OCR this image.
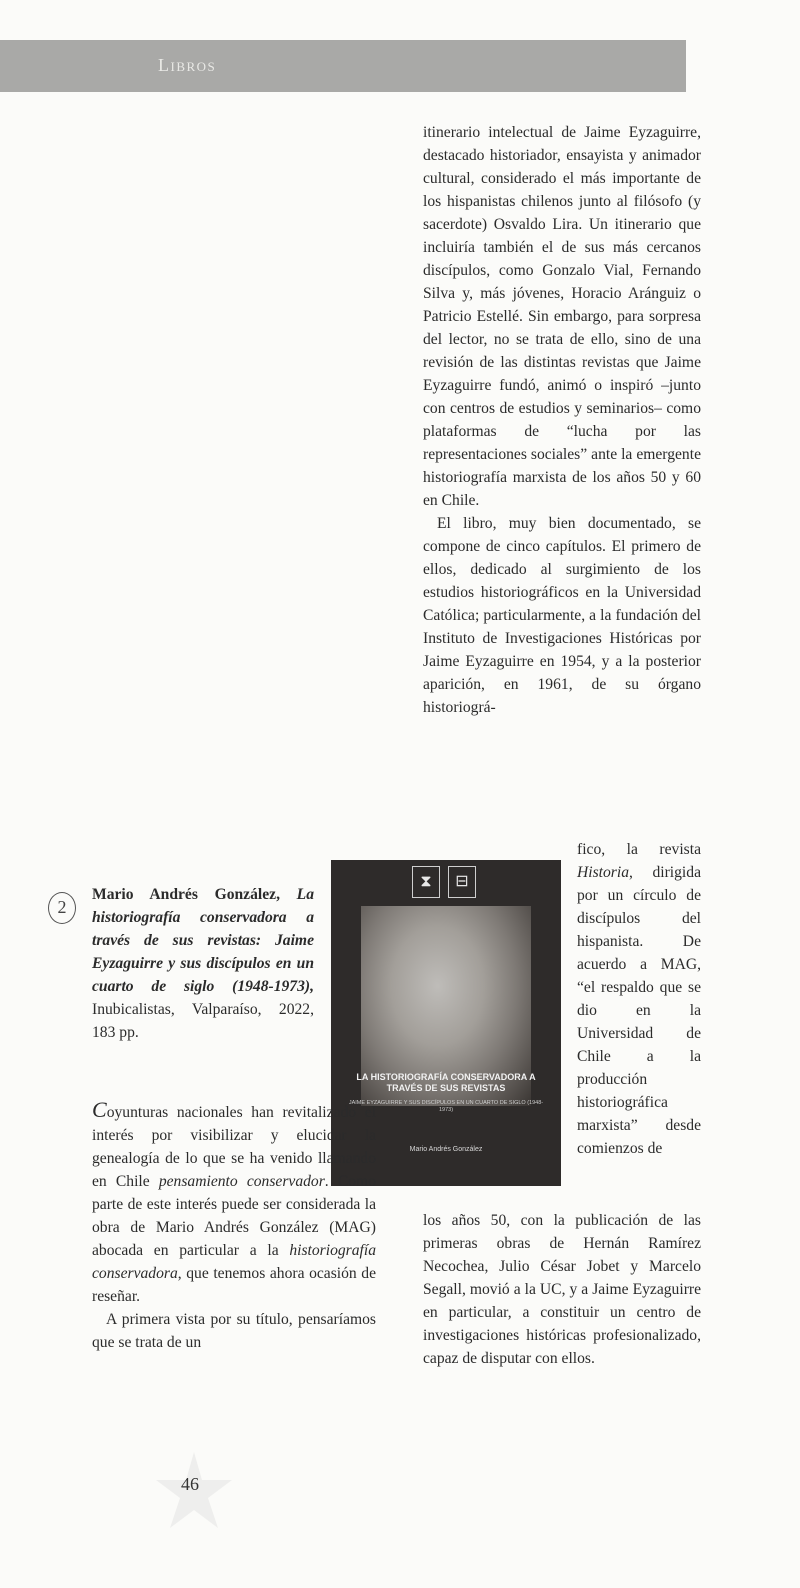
Libros

itinerario intelectual de Jaime Eyzaguirre, destacado historiador, ensayista y animador cultural, considerado el más importante de los hispanistas chilenos junto al filósofo (y sacerdote) Osvaldo Lira. Un itinerario que incluiría también el de sus más cercanos discípulos, como Gonzalo Vial, Fernando Silva y, más jóvenes, Horacio Aránguiz o Patricio Estellé. Sin embargo, para sorpresa del lector, no se trata de ello, sino de una revisión de las distintas revistas que Jaime Eyzaguirre fundó, animó o inspiró –junto con centros de estudios y seminarios– como plataformas de “lucha por las representaciones sociales” ante la emergente historiografía marxista de los años 50 y 60 en Chile.

El libro, muy bien documentado, se compone de cinco capítulos. El primero de ellos, dedicado al surgimiento de los estudios historiográficos en la Universidad Católica; particularmente, a la fundación del Instituto de Investigaciones Históricas por Jaime Eyzaguirre en 1954, y a la posterior aparición, en 1961, de su órgano historiográ-

2
Mario Andrés González, La historiografía conservadora a través de sus revistas: Jaime Eyzaguirre y sus discípulos en un cuarto de siglo (1948-1973), Inubicalistas, Valparaíso, 2022, 183 pp.
⧗	⊟
LA HISTORIOGRAFÍA CONSERVADORA A TRAVÉS DE SUS REVISTAS
JAIME EYZAGUIRRE Y SUS DISCÍPULOS EN UN CUARTO DE SIGLO (1948-1973)
Mario Andrés González

fico, la revista Historia, dirigida por un círculo de discípulos del hispanista. De acuerdo a MAG, “el respaldo que se dio en la Universidad de Chile a la producción historiográfica marxista” desde comienzos de

los años 50, con la publicación de las primeras obras de Hernán Ramírez Necochea, Julio César Jobet y Marcelo Segall, movió a la UC, y a Jaime Eyzaguirre en particular, a constituir un centro de investigaciones históricas profesionalizado, capaz de disputar con ellos.

Coyunturas nacionales han revitalizado el interés por visibilizar y elucidar la genealogía de lo que se ha venido llamando en Chile pensamiento conservador. Como parte de este interés puede ser considerada la obra de Mario Andrés González (MAG) abocada en particular a la historiografía conservadora, que tenemos ahora ocasión de reseñar.

A primera vista por su título, pensaríamos que se trata de un

46
